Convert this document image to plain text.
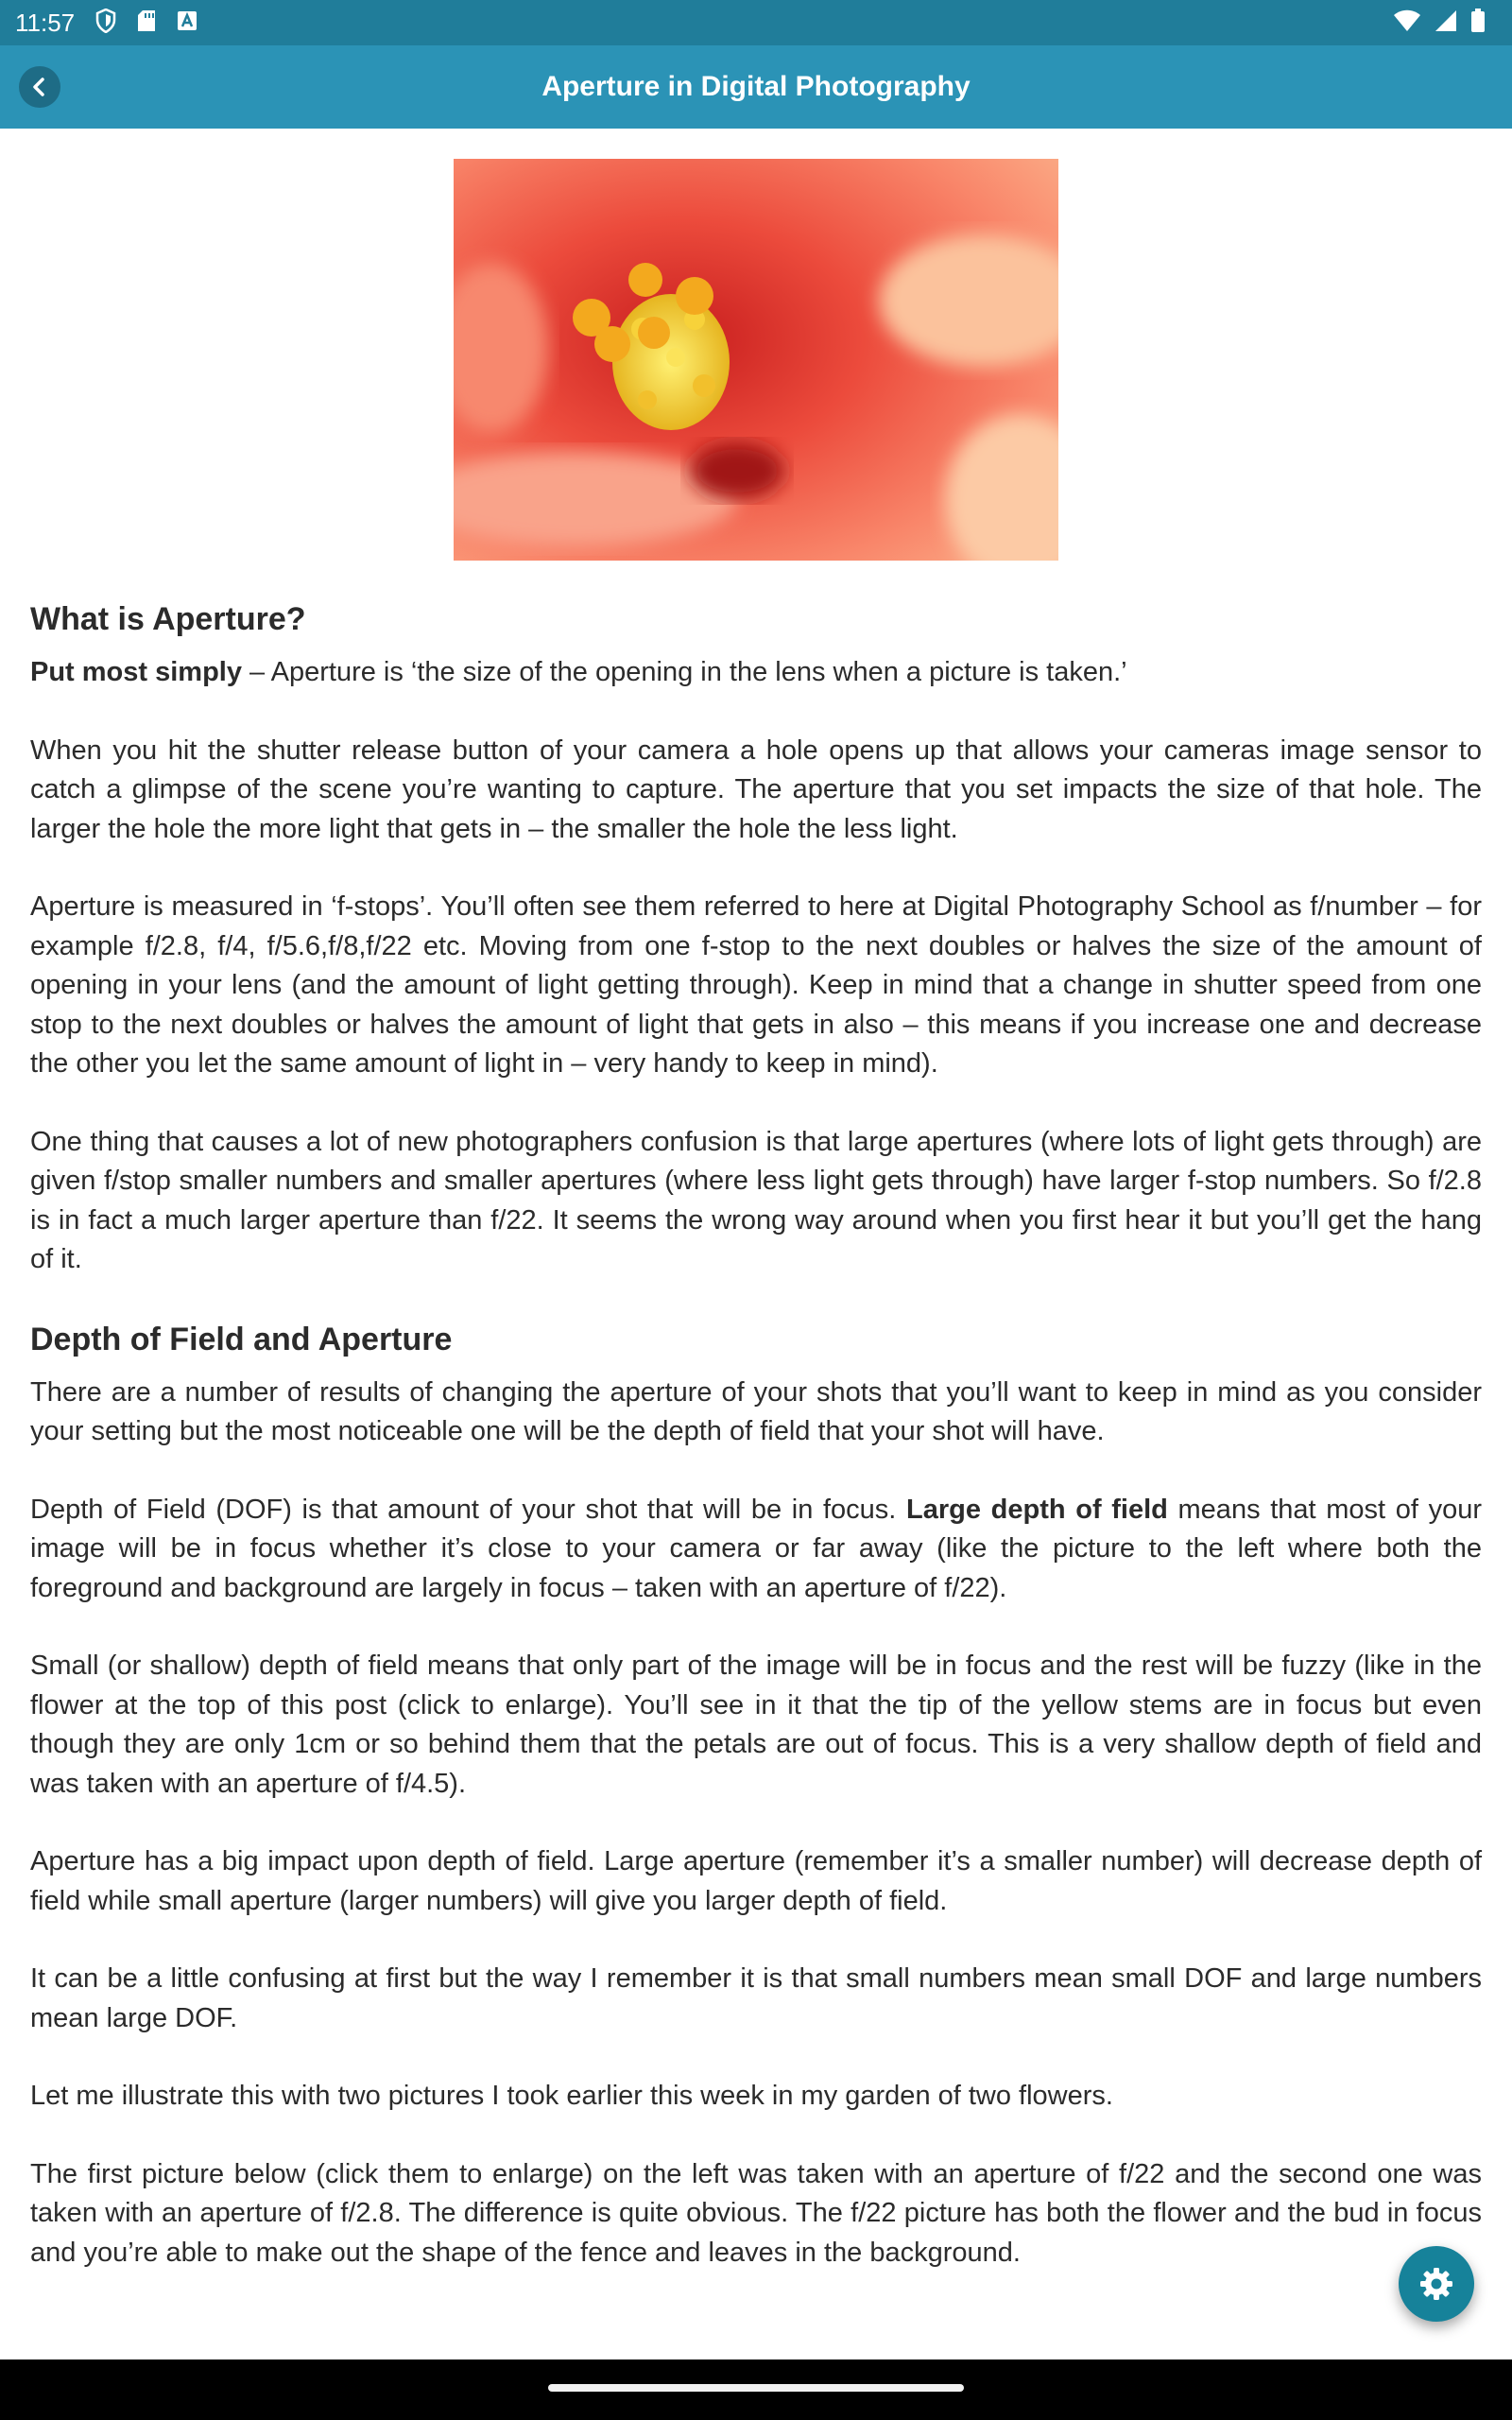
11:57
Aperture in Digital Photography
What is Aperture?

Put most simply – Aperture is ‘the size of the opening in the lens when a picture is taken.’

When you hit the shutter release button of your camera a hole opens up that allows your cameras image sensor to catch a glimpse of the scene you’re wanting to capture. The aperture that you set impacts the size of that hole. The larger the hole the more light that gets in – the smaller the hole the less light.

Aperture is measured in ‘f-stops’. You’ll often see them referred to here at Digital Photography School as f/number – for example f/2.8, f/4, f/5.6,f/8,f/22 etc. Moving from one f-stop to the next doubles or halves the size of the amount of opening in your lens (and the amount of light getting through). Keep in mind that a change in shutter speed from one stop to the next doubles or halves the amount of light that gets in also – this means if you increase one and decrease the other you let the same amount of light in – very handy to keep in mind).

One thing that causes a lot of new photographers confusion is that large apertures (where lots of light gets through) are given f/stop smaller numbers and smaller apertures (where less light gets through) have larger f-stop numbers. So f/2.8 is in fact a much larger aperture than f/22. It seems the wrong way around when you first hear it but you’ll get the hang of it.

Depth of Field and Aperture

There are a number of results of changing the aperture of your shots that you’ll want to keep in mind as you consider your setting but the most noticeable one will be the depth of field that your shot will have.

Depth of Field (DOF) is that amount of your shot that will be in focus. Large depth of field means that most of your image will be in focus whether it’s close to your camera or far away (like the picture to the left where both the foreground and background are largely in focus – taken with an aperture of f/22).

Small (or shallow) depth of field means that only part of the image will be in focus and the rest will be fuzzy (like in the flower at the top of this post (click to enlarge). You’ll see in it that the tip of the yellow stems are in focus but even though they are only 1cm or so behind them that the petals are out of focus. This is a very shallow depth of field and was taken with an aperture of f/4.5).

Aperture has a big impact upon depth of field. Large aperture (remember it’s a smaller number) will decrease depth of field while small aperture (larger numbers) will give you larger depth of field.

It can be a little confusing at first but the way I remember it is that small numbers mean small DOF and large numbers mean large DOF.

Let me illustrate this with two pictures I took earlier this week in my garden of two flowers.

The first picture below (click them to enlarge) on the left was taken with an aperture of f/22 and the second one was taken with an aperture of f/2.8. The difference is quite obvious. The f/22 picture has both the flower and the bud in focus and you’re able to make out the shape of the fence and leaves in the background.
